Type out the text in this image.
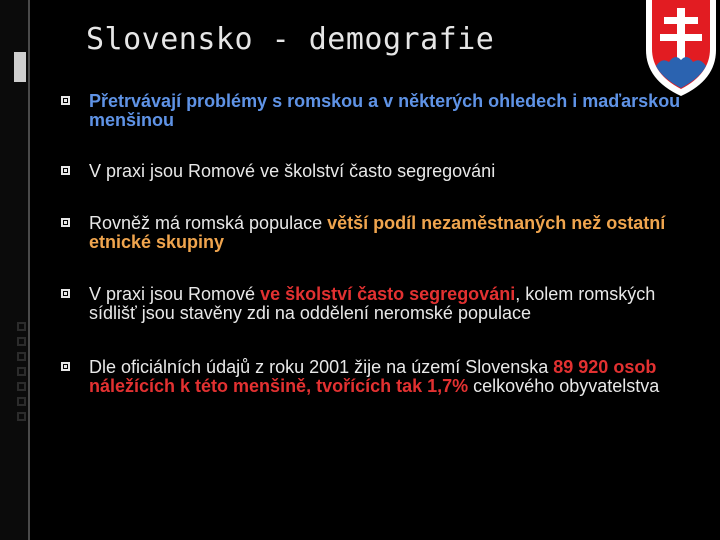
Slovensko - demografie
Přetrvávají problémy s romskou a v některých ohledech i maďarskou menšinou
V praxi jsou Romové ve školství často segregováni
Rovněž má romská populace větší podíl nezaměstnaných než ostatní etnické skupiny
V praxi jsou Romové ve školství často segregováni, kolem romských sídlišť jsou stavěny zdi na oddělení neromské populace
Dle oficiálních údajů z roku 2001 žije na území Slovenska 89 920 osob náležících k této menšině, tvořících tak 1,7% celkového obyvatelstva
